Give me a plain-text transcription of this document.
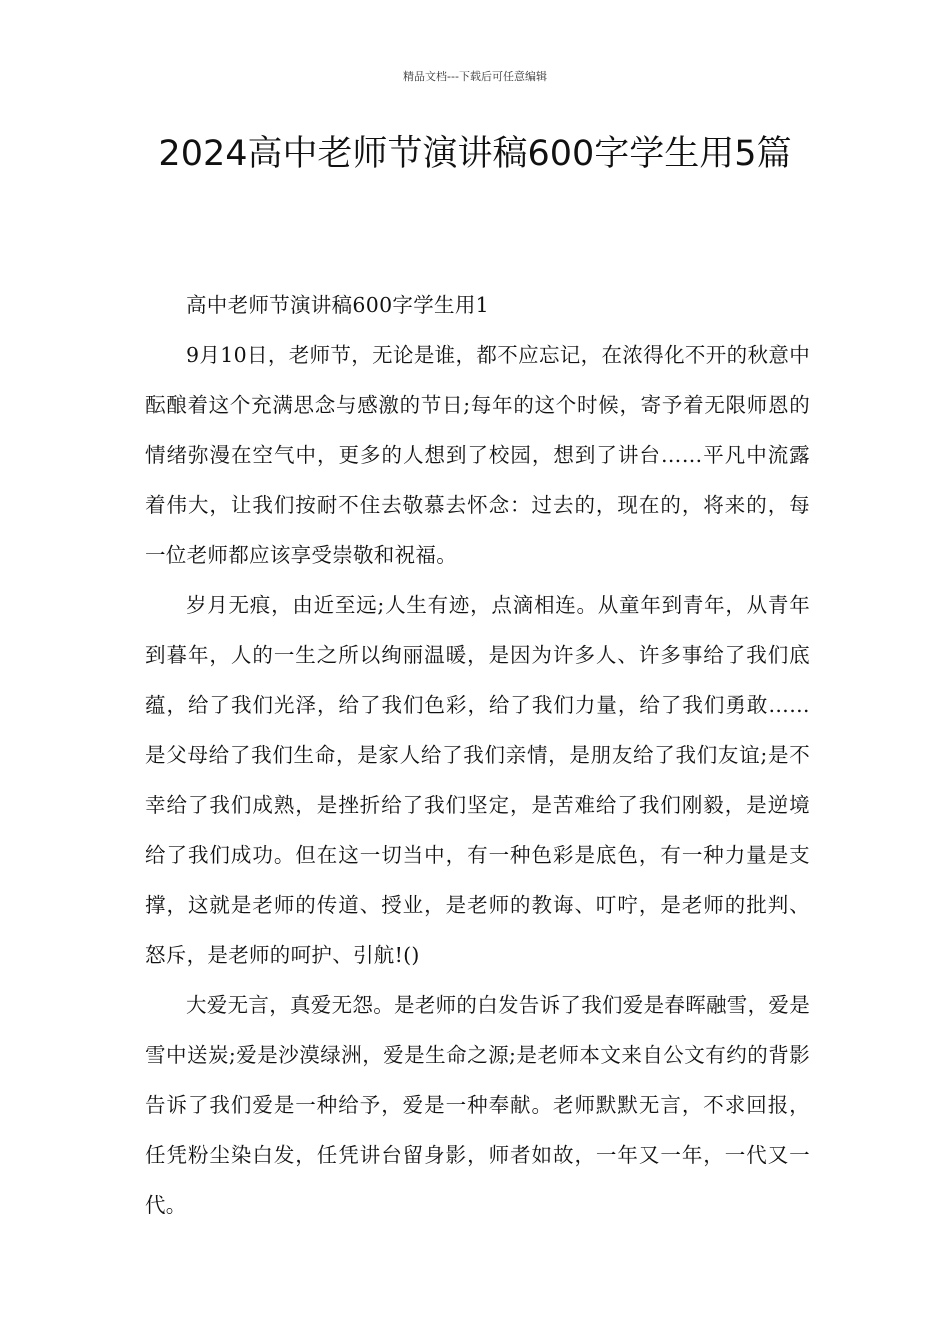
精品文档---下载后可任意编辑
2024高中老师节演讲稿600字学生用5篇

高中老师节演讲稿600字学生用1

9月10日，老师节，无论是谁，都不应忘记，在浓得化不开的秋意中酝酿着这个充满思念与感激的节日;每年的这个时候，寄予着无限师恩的情绪弥漫在空气中，更多的人想到了校园，想到了讲台……平凡中流露着伟大，让我们按耐不住去敬慕去怀念：过去的，现在的，将来的，每一位老师都应该享受崇敬和祝福。

岁月无痕，由近至远;人生有迹，点滴相连。从童年到青年，从青年到暮年，人的一生之所以绚丽温暖，是因为许多人、许多事给了我们底蕴，给了我们光泽，给了我们色彩，给了我们力量，给了我们勇敢……是父母给了我们生命，是家人给了我们亲情，是朋友给了我们友谊;是不幸给了我们成熟，是挫折给了我们坚定，是苦难给了我们刚毅，是逆境给了我们成功。但在这一切当中，有一种色彩是底色，有一种力量是支撑，这就是老师的传道、授业，是老师的教诲、叮咛，是老师的批判、怒斥，是老师的呵护、引航!()

大爱无言，真爱无怨。是老师的白发告诉了我们爱是春晖融雪，爱是雪中送炭;爱是沙漠绿洲，爱是生命之源;是老师本文来自公文有约的背影告诉了我们爱是一种给予，爱是一种奉献。老师默默无言，不求回报，任凭粉尘染白发，任凭讲台留身影，师者如故，一年又一年，一代又一代。
